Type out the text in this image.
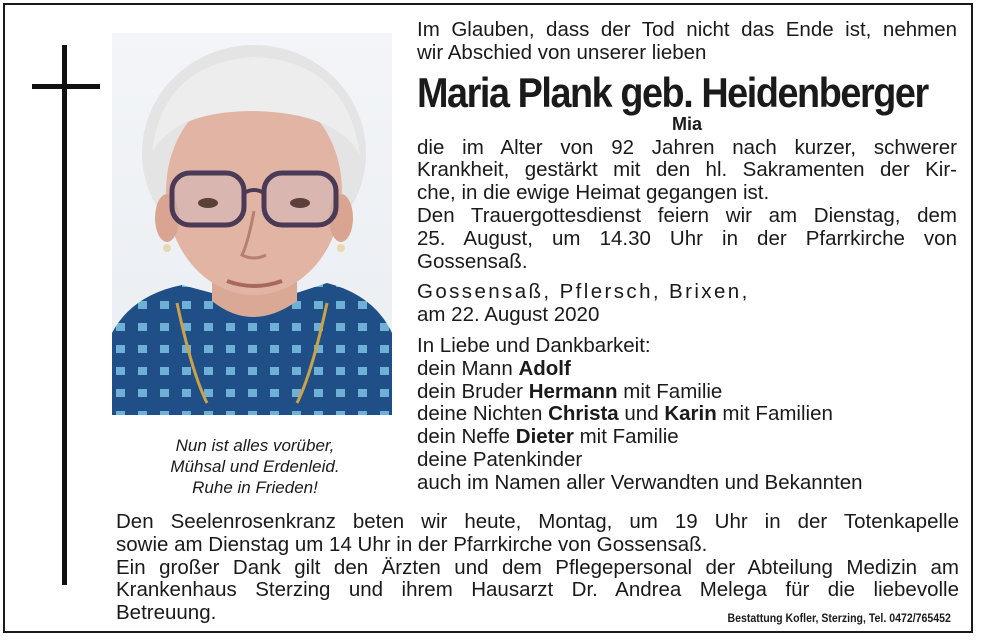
Nun ist alles vorüber,
Mühsal und Erdenleid.
Ruhe in Frieden!
Im Glauben, dass der Tod nicht das Ende ist, nehmen
wir Abschied von unserer lieben
Maria Plank geb. Heidenberger
Mia
die im Alter von 92 Jahren nach kurzer, schwerer
Krankheit, gestärkt mit den hl. Sakramenten der Kir-
che, in die ewige Heimat gegangen ist.
Den Trauergottesdienst feiern wir am Dienstag, dem
25. August, um 14.30 Uhr in der Pfarrkirche von
Gossensaß.
Gossensaß, Pflersch, Brixen,
am 22. August 2020
In Liebe und Dankbarkeit:
dein Mann Adolf
dein Bruder Hermann mit Familie
deine Nichten Christa und Karin mit Familien
dein Neffe Dieter mit Familie
deine Patenkinder
auch im Namen aller Verwandten und Bekannten
Den Seelenrosenkranz beten wir heute, Montag, um 19 Uhr in der Totenkapelle
sowie am Dienstag um 14 Uhr in der Pfarrkirche von Gossensaß.
Ein großer Dank gilt den Ärzten und dem Pflegepersonal der Abteilung Medizin am
Krankenhaus Sterzing und ihrem Hausarzt Dr. Andrea Melega für die liebevolle
Betreuung.	Bestattung Kofler, Sterzing, Tel. 0472/765452
